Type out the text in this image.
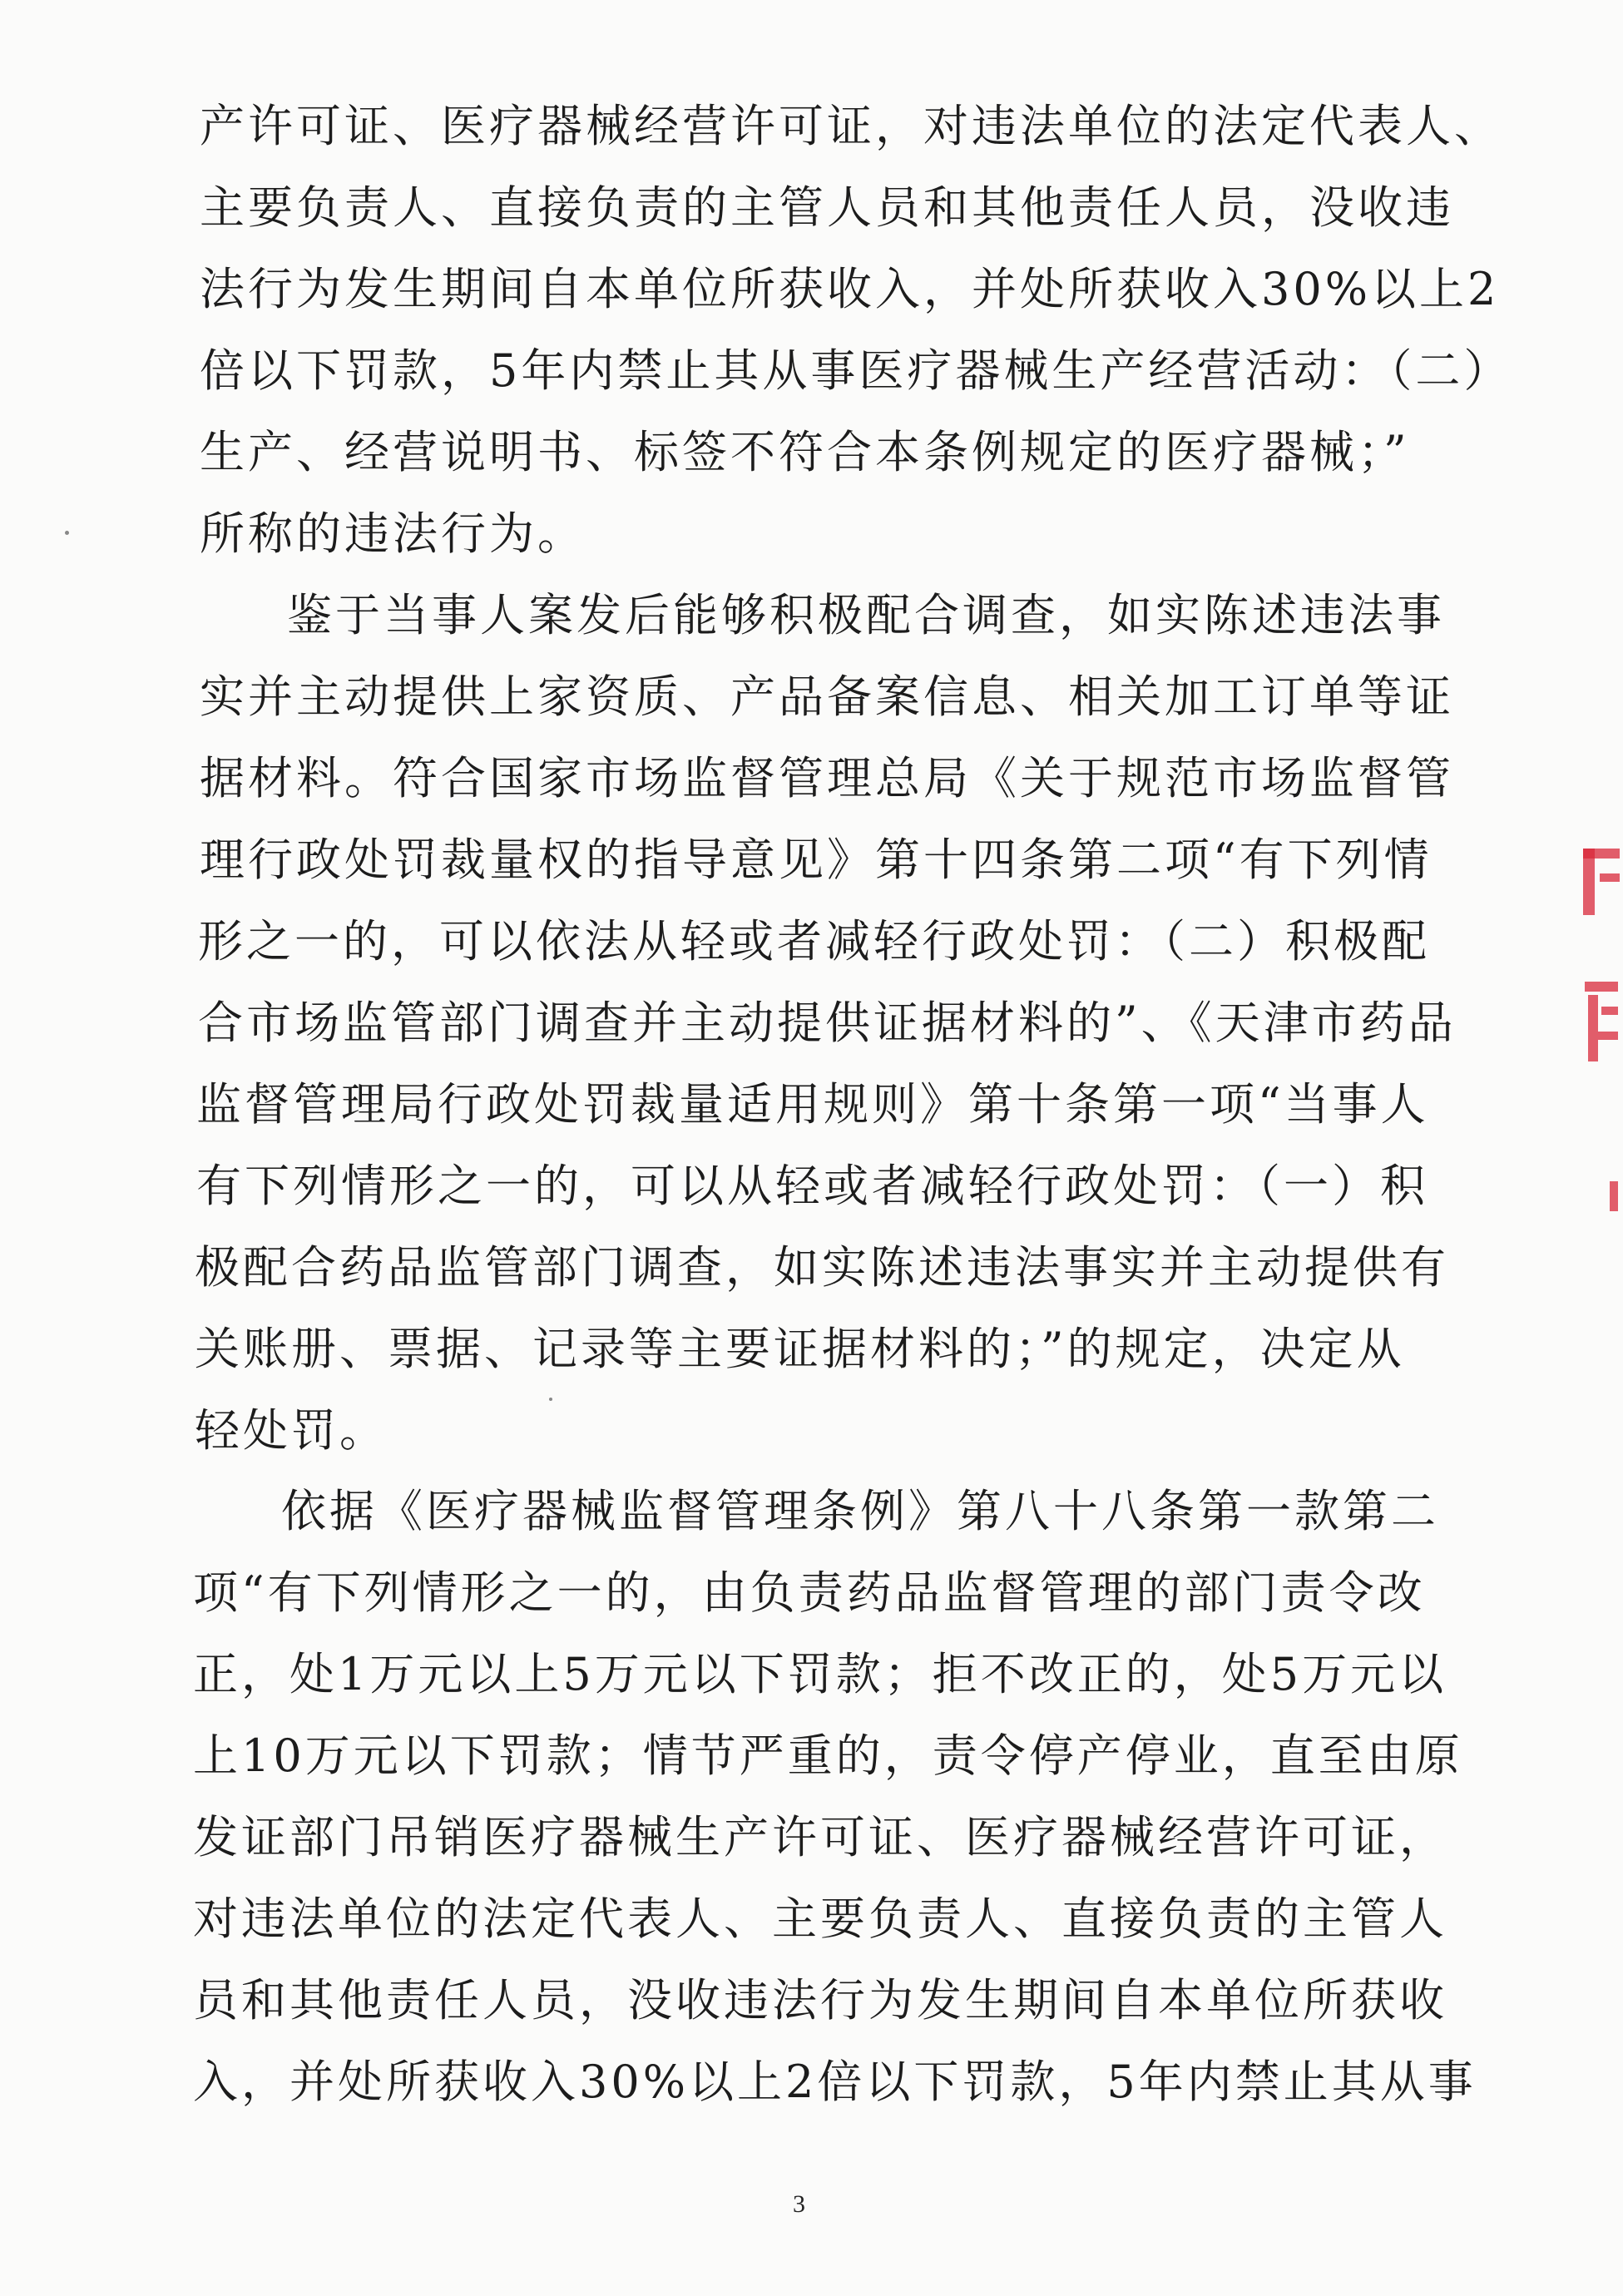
产许可证、医疗器械经营许可证，对违法单位的法定代表人、
主要负责人、直接负责的主管人员和其他责任人员，没收违
法行为发生期间自本单位所获收入，并处所获收入30%以上2
倍以下罚款，5年内禁止其从事医疗器械生产经营活动：（二）
生产、经营说明书、标签不符合本条例规定的医疗器械；”
所称的违法行为。
鉴于当事人案发后能够积极配合调查，如实陈述违法事
实并主动提供上家资质、产品备案信息、相关加工订单等证
据材料。符合国家市场监督管理总局《关于规范市场监督管
理行政处罚裁量权的指导意见》第十四条第二项“有下列情
形之一的，可以依法从轻或者减轻行政处罚：（二）积极配
合市场监管部门调查并主动提供证据材料的”、《天津市药品
监督管理局行政处罚裁量适用规则》第十条第一项“当事人
有下列情形之一的，可以从轻或者减轻行政处罚：（一）积
极配合药品监管部门调查，如实陈述违法事实并主动提供有
关账册、票据、记录等主要证据材料的；”的规定，决定从
轻处罚。
依据《医疗器械监督管理条例》第八十八条第一款第二
项“有下列情形之一的，由负责药品监督管理的部门责令改
正，处1万元以上5万元以下罚款；拒不改正的，处5万元以
上10万元以下罚款；情节严重的，责令停产停业，直至由原
发证部门吊销医疗器械生产许可证、医疗器械经营许可证，
对违法单位的法定代表人、主要负责人、直接负责的主管人
员和其他责任人员，没收违法行为发生期间自本单位所获收
入，并处所获收入30%以上2倍以下罚款，5年内禁止其从事
3
